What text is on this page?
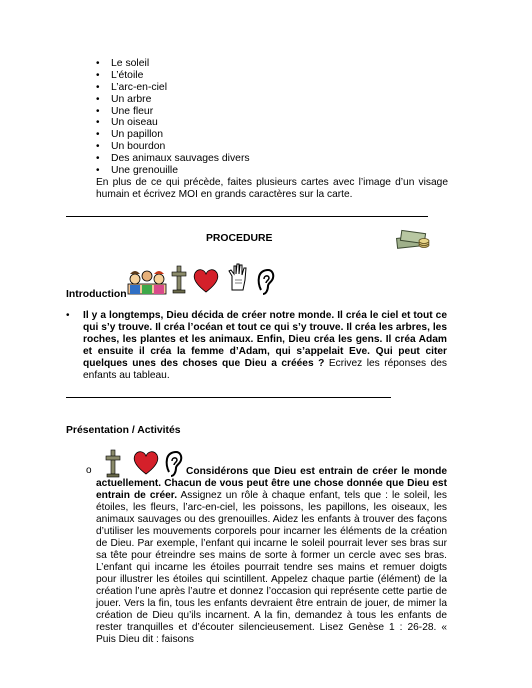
• Le soleil
• L’étoile
• L’arc-en-ciel
• Un arbre
• Une fleur
• Un oiseau
• Un papillon
• Un bourdon
• Des animaux sauvages divers
• Une grenouille
En plus de ce qui précède, faites plusieurs cartes avec l’image d’un visage humain et écrivez MOI en grands caractères sur la carte.
PROCEDURE
Introduction
• Il y a longtemps, Dieu décida de créer notre monde. Il créa le ciel et tout ce qui s’y trouve. Il créa l’océan et tout ce qui s’y trouve. Il créa les arbres, les roches, les plantes et les animaux. Enfin, Dieu créa les gens. Il créa Adam et ensuite il créa la femme d’Adam, qui s’appelait Eve. Qui peut citer quelques unes des choses que Dieu a créées ? Ecrivez les réponses des enfants au tableau.
Présentation / Activités
o	Considérons que Dieu est entrain de créer le monde actuellement. Chacun de vous peut être une chose donnée que Dieu est entrain de créer. Assignez un rôle à chaque enfant, tels que : le soleil, les étoiles, les fleurs, l’arc-en-ciel, les poissons, les papillons, les oiseaux, les animaux sauvages ou des grenouilles. Aidez les enfants à trouver des façons d’utiliser les mouvements corporels pour incarner les éléments de la création de Dieu. Par exemple, l’enfant qui incarne le soleil pourrait lever ses bras sur sa tête pour étreindre ses mains de sorte à former un cercle avec ses bras. L’enfant qui incarne les étoiles pourrait tendre ses mains et remuer doigts pour illustrer les étoiles qui scintillent. Appelez chaque partie (élément) de la création l’une après l’autre et donnez l’occasion qui représente cette partie de jouer. Vers la fin, tous les enfants devraient être entrain de jouer, de mimer la création de Dieu qu’ils incarnent. A la fin, demandez à tous les enfants de rester tranquilles et d’écouter silencieusement. Lisez Genèse 1 : 26-28. « Puis Dieu dit : faisons
